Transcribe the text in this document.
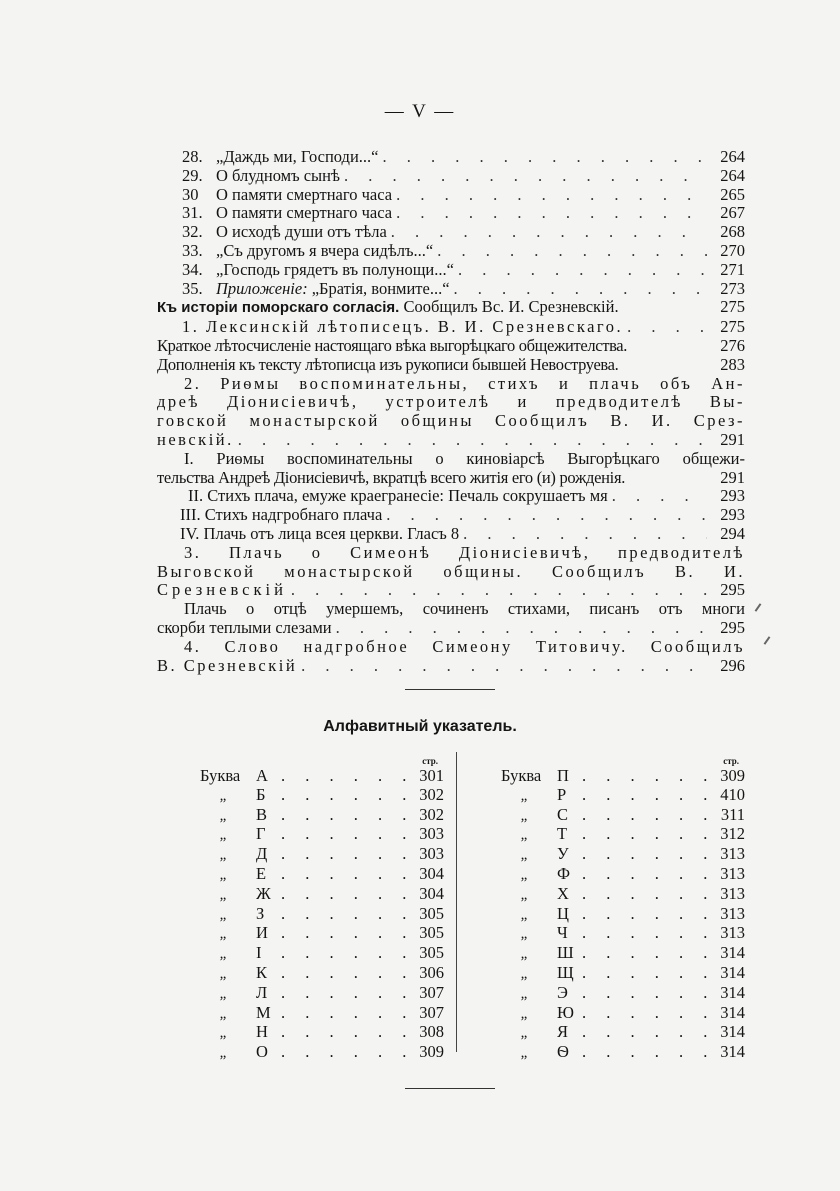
— V —
28. „Даждь ми, Господи...“ . . .	264
29. О блудномъ сынѣ . . .	264
30	О памяти смертнаго часа . . .	265
31. О памяти смертнаго часа . . .	267
32. О исходѣ души отъ тѣла . . .	268
33. „Съ другомъ я вчера сидѣлъ...“ . . .	270
34. „Господь грядетъ въ полунощи...“ . . .	271
35. Приложеніе: „Братія, вонмите...“ . . .	273
Къ исторіи поморскаго согласія.
Сообщилъ Вс. И. Срезневскій.	275
1. Лексинскій лѣтописецъ. В. И. Срезневскаго. . . .	275
Краткое лѣтосчисленіе настоящаго вѣка выгорѣцкаго общежителства.	276
Дополненія къ тексту лѣтописца изъ рукописи бывшей Невоструева.	283
2. Риѳмы воспоминательны, стихъ и плачь объ Ан-
дреѣ Діонисіевичѣ, устроителѣ и предводителѣ Вы-
говской монастырской общины Сообщилъ В. И. Срез-
невскій. . . .	291
I. Риѳмы воспоминательны о киновіарсѣ Выгорѣцкаго общежи-
тельства Андреѣ Діонисіевичѣ, вкратцѣ всего житія его (и) рожденія.	291
II. Стихъ плача, емуже краегранесіе: Печаль сокрушаетъ мя . . .	293
III. Стихъ надгробнаго плача . . .	293
IV. Плачь отъ лица всея церкви. Гласъ 8 . . .	294
3. Плачь о Симеонѣ Діонисіевичѣ, предводителѣ
Выговской монастырской общины. Сообщилъ В. И.
Срезневскій . . .	295
Плачь о отцѣ умершемъ, сочиненъ стихами, писанъ отъ многи
скорби теплыми слезами . . .	295
4. Слово надгробное Симеону Титовичу. Сообщилъ
В. Срезневскій . . .	296
Алфавитный указатель.
стр.
Буква А . . .	301
„	Б . . .	302
„	В . . .	302
„	Г . . .	303
„	Д . . .	303
„	Е . . .	304
„	Ж . . .	304
„	З . . .	305
„	И . . .	305
„	І . . .	305
„	К . . .	306
„	Л . . .	307
„	М . . .	307
„	Н . . .	308
„	О . . .	309
стр.
Буква П . . .	309
„	Р . . .	410
„	С . . .	311
„	Т . . .	312
„	У . . .	313
„	Ф . . .	313
„	Х . . .	313
„	Ц . . .	313
„	Ч . . .	313
„	Ш . . .	314
„	Щ . . .	314
„	Э . . .	314
„	Ю . . .	314
„	Я . . .	314
„	Ѳ . . .	314
